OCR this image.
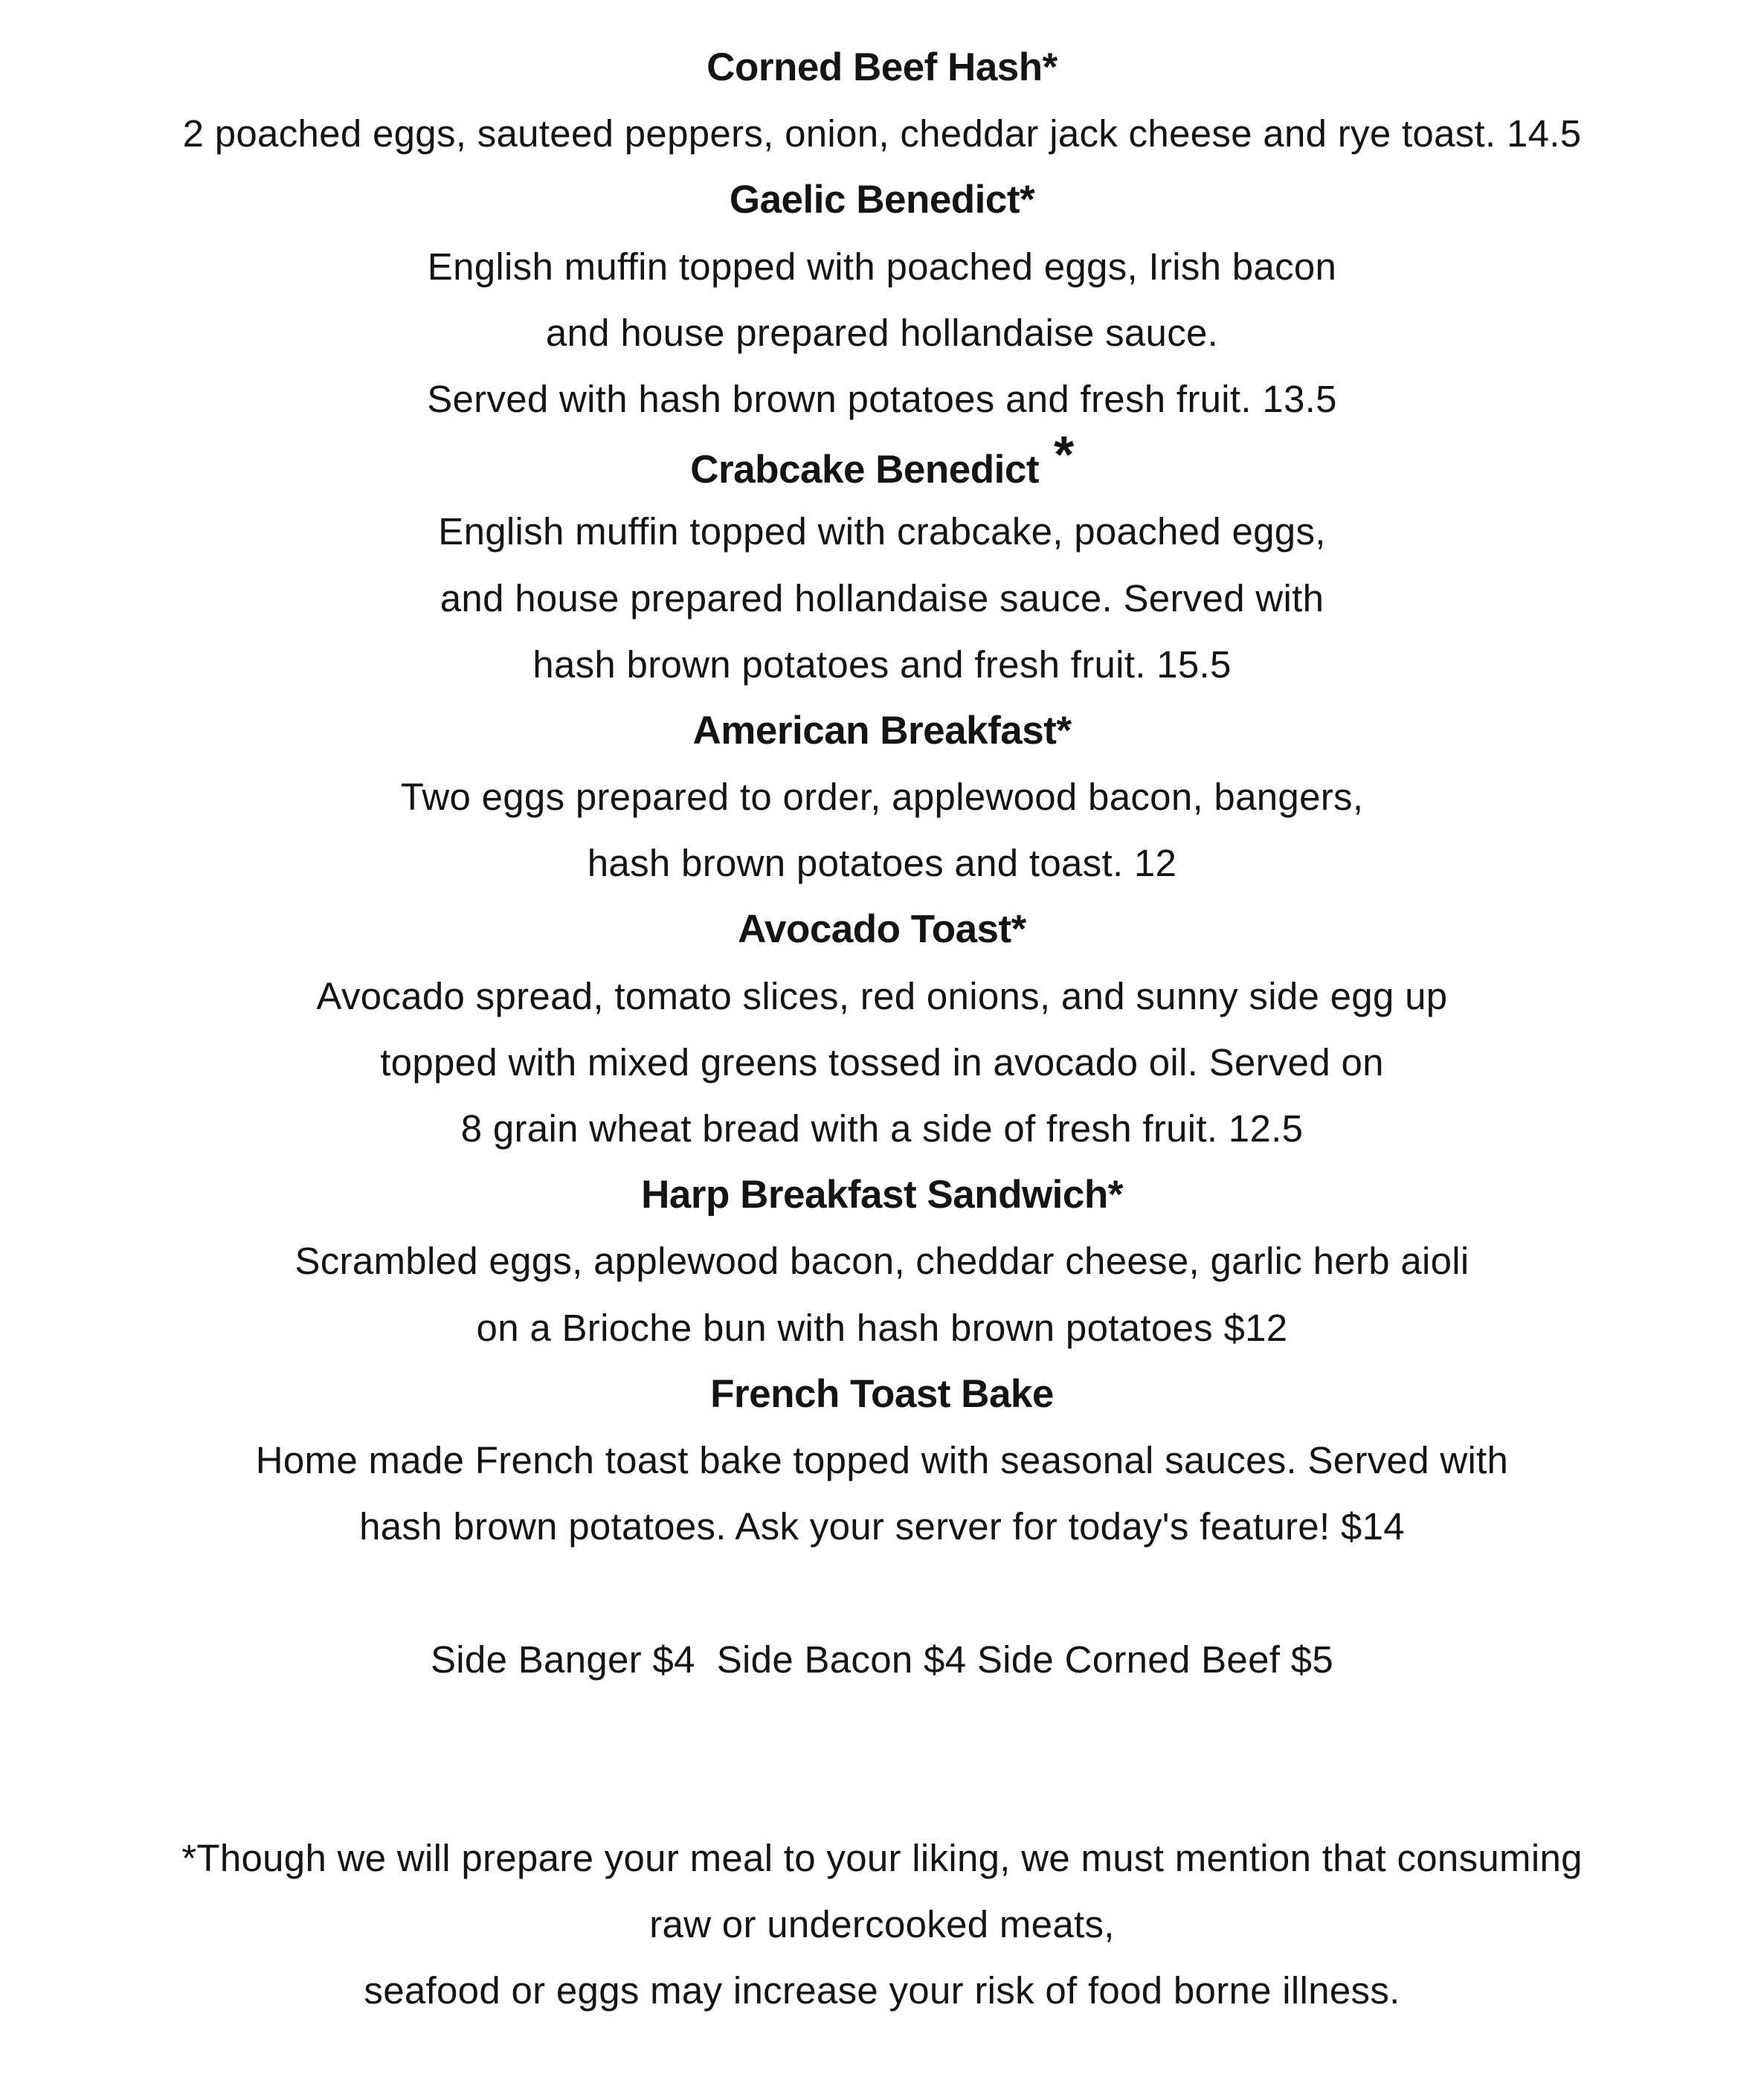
Corned Beef Hash*
2 poached eggs, sauteed peppers, onion, cheddar jack cheese and rye toast. 14.5
Gaelic Benedict*
English muffin topped with poached eggs, Irish bacon
and house prepared hollandaise sauce.
Served with hash brown potatoes and fresh fruit. 13.5
Crabcake Benedict *
English muffin topped with crabcake, poached eggs,
and house prepared hollandaise sauce. Served with
hash brown potatoes and fresh fruit. 15.5
American Breakfast*
Two eggs prepared to order, applewood bacon, bangers,
hash brown potatoes and toast. 12
Avocado Toast*
Avocado spread, tomato slices, red onions, and sunny side egg up
topped with mixed greens tossed in avocado oil. Served on
8 grain wheat bread with a side of fresh fruit. 12.5
Harp Breakfast Sandwich*
Scrambled eggs, applewood bacon, cheddar cheese, garlic herb aioli
on a Brioche bun with hash brown potatoes $12
French Toast Bake
Home made French toast bake topped with seasonal sauces. Served with
hash brown potatoes. Ask your server for today's feature! $14
Side Banger $4  Side Bacon $4 Side Corned Beef $5
*Though we will prepare your meal to your liking, we must mention that consuming
raw or undercooked meats,
seafood or eggs may increase your risk of food borne illness.
